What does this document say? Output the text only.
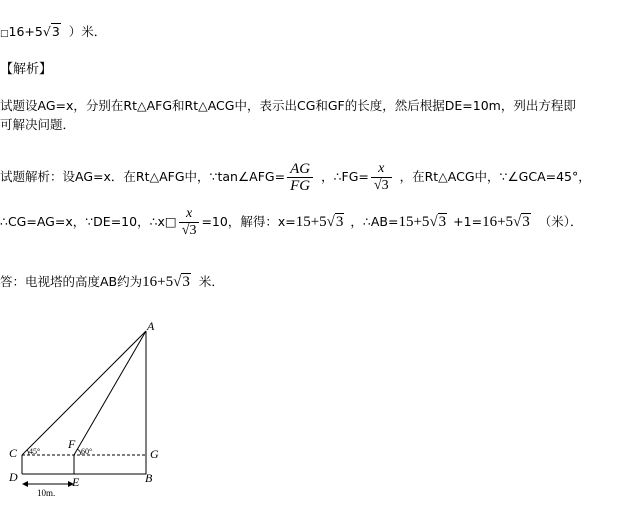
□16+5√3 ）米．
【解析】
试题设AG=x，分别在Rt△AFG和Rt△ACG中，表示出CG和GF的长度，然后根据DE=10m，列出方程即
可解决问题．
试题解析：设AG=x．在Rt△AFG中，∵tan∠AFG= $\frac{AG}{FG}$ ，∴FG= $\frac{x}{√3}$ ，在Rt△ACG中，∵∠GCA=45°，
∴CG=AG=x，∵DE=10，∴x□ $\frac{x}{√3} =10$，解得：x=15+5√3 ，∴AB=15+5√3 +1=16+5√3 （米）．
答：电视塔的高度AB约为16+5√3 米．
A
B
C
D	E
F
G
45°	60°
10m.
